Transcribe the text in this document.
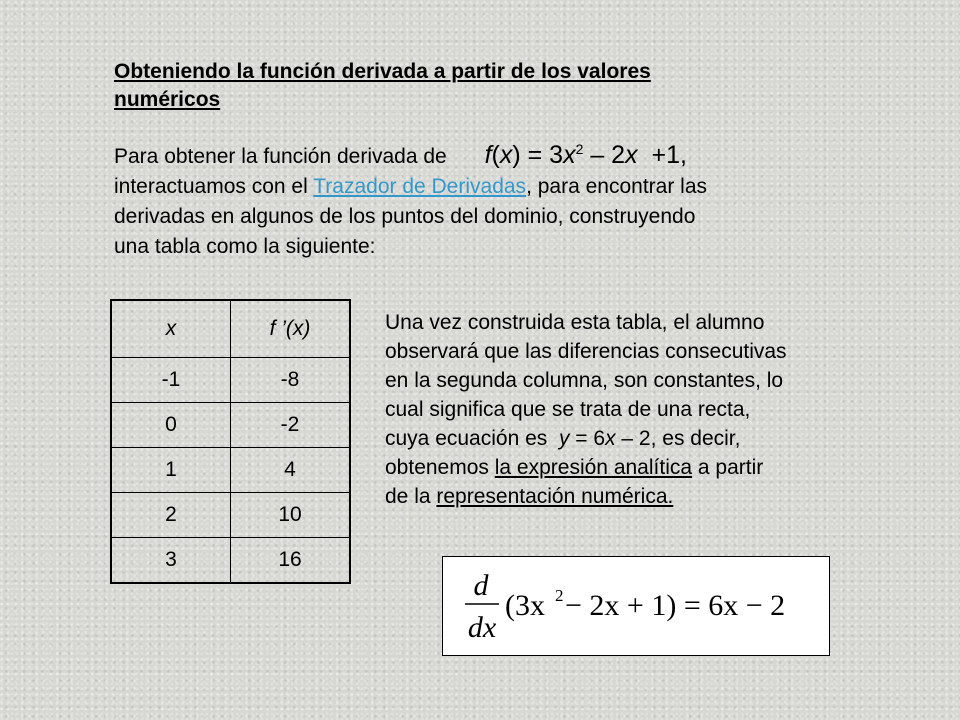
Obteniendo la función derivada a partir de los valores
numéricos
Para obtener la función derivada de $f(x) = 3x^2 - 2x +1$,
interactuamos con el Trazador de Derivadas, para encontrar las
derivadas en algunos de los puntos del dominio, construyendo
una tabla como la siguiente:
x	f ’(x)
-1	-8
0	-2
1	4
2	10
3	16
Una vez construida esta tabla, el alumno
observará que las diferencias consecutivas
en la segunda columna, son constantes, lo
cual significa que se trata de una recta,
cuya ecuación es  y = 6x – 2, es decir,
obtenemos la expresión analítica a partir
de la representación numérica.
d
dx
(3x 2 − 2x + 1) = 6x − 2
